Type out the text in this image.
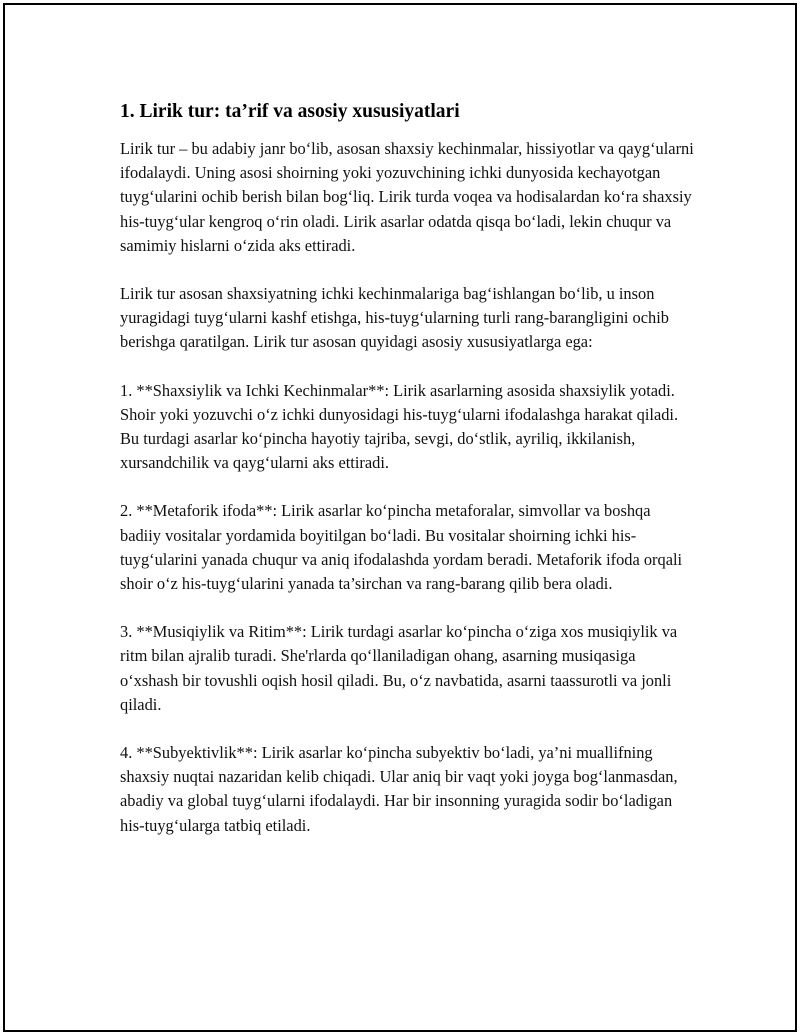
1. Lirik tur: ta’rif va asosiy xususiyatlari

Lirik tur – bu adabiy janr bo‘lib, asosan shaxsiy kechinmalar, hissiyotlar va qayg‘ularni ifodalaydi. Uning asosi shoirning yoki yozuvchining ichki dunyosida kechayotgan tuyg‘ularini ochib berish bilan bog‘liq. Lirik turda voqea va hodisalardan ko‘ra shaxsiy his-tuyg‘ular kengroq o‘rin oladi. Lirik asarlar odatda qisqa bo‘ladi, lekin chuqur va samimiy hislarni o‘zida aks ettiradi.

Lirik tur asosan shaxsiyatning ichki kechinmalariga bag‘ishlangan bo‘lib, u inson yuragidagi tuyg‘ularni kashf etishga, his-tuyg‘ularning turli rang-barangligini ochib berishga qaratilgan. Lirik tur asosan quyidagi asosiy xususiyatlarga ega:

1. **Shaxsiylik va Ichki Kechinmalar**: Lirik asarlarning asosida shaxsiylik yotadi. Shoir yoki yozuvchi o‘z ichki dunyosidagi his-tuyg‘ularni ifodalashga harakat qiladi. Bu turdagi asarlar ko‘pincha hayotiy tajriba, sevgi, do‘stlik, ayriliq, ikkilanish, xursandchilik va qayg‘ularni aks ettiradi.

2. **Metaforik ifoda**: Lirik asarlar ko‘pincha metaforalar, simvollar va boshqa badiiy vositalar yordamida boyitilgan bo‘ladi. Bu vositalar shoirning ichki his-tuyg‘ularini yanada chuqur va aniq ifodalashda yordam beradi. Metaforik ifoda orqali shoir o‘z his-tuyg‘ularini yanada ta’sirchan va rang-barang qilib bera oladi.

3. **Musiqiylik va Ritim**: Lirik turdagi asarlar ko‘pincha o‘ziga xos musiqiylik va ritm bilan ajralib turadi. She'rlarda qo‘llaniladigan ohang, asarning musiqasiga o‘xshash bir tovushli oqish hosil qiladi. Bu, o‘z navbatida, asarni taassurotli va jonli qiladi.

4. **Subyektivlik**: Lirik asarlar ko‘pincha subyektiv bo‘ladi, ya’ni muallifning shaxsiy nuqtai nazaridan kelib chiqadi. Ular aniq bir vaqt yoki joyga bog‘lanmasdan, abadiy va global tuyg‘ularni ifodalaydi. Har bir insonning yuragida sodir bo‘ladigan his-tuyg‘ularga tatbiq etiladi.
